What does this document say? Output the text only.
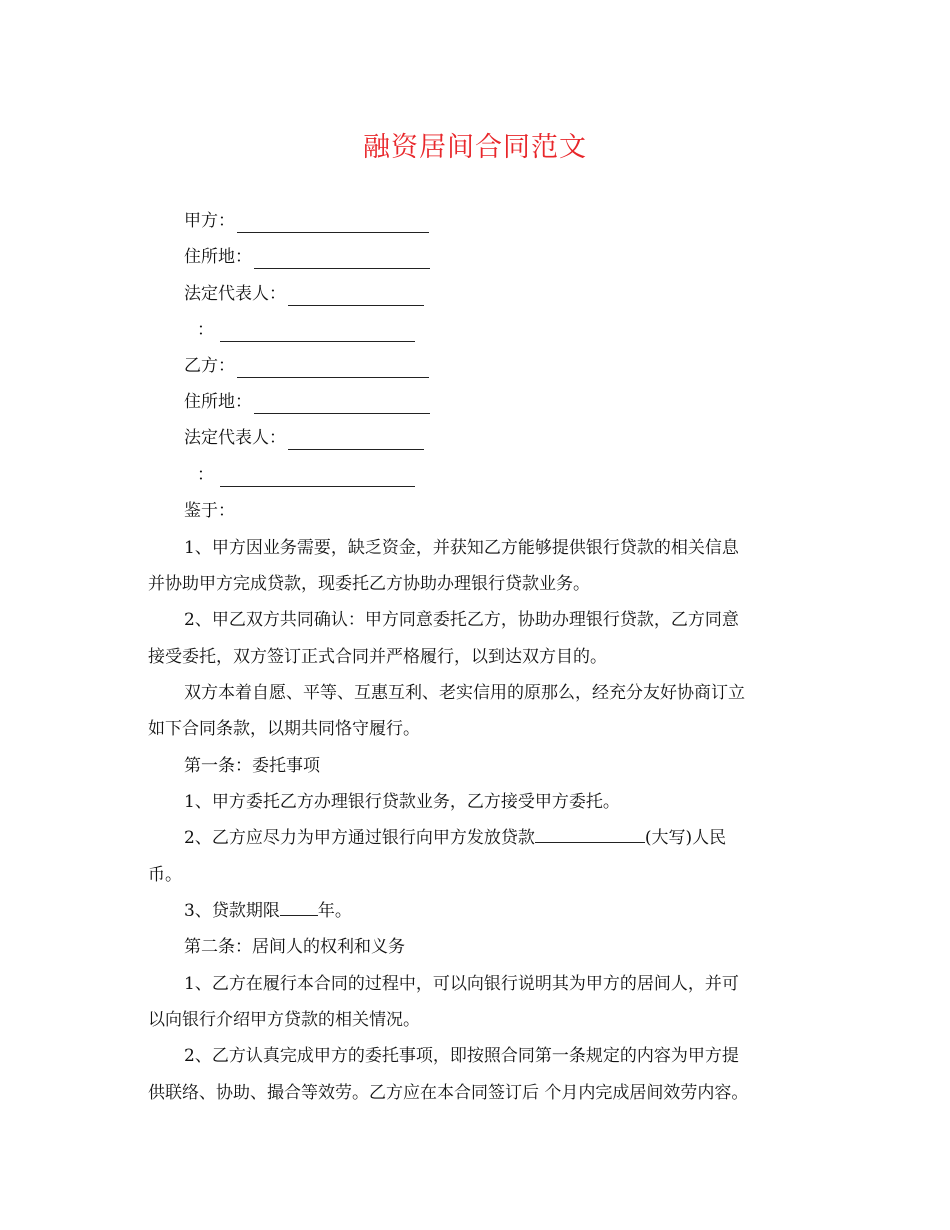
融资居间合同范文
甲方：
住所地：
法定代表人：
：
乙方：
住所地：
法定代表人：
：
鉴于：
1、甲方因业务需要，缺乏资金，并获知乙方能够提供银行贷款的相关信息
并协助甲方完成贷款，现委托乙方协助办理银行贷款业务。
2、甲乙双方共同确认：甲方同意委托乙方，协助办理银行贷款，乙方同意
接受委托，双方签订正式合同并严格履行，以到达双方目的。
双方本着自愿、平等、互惠互利、老实信用的原那么，经充分友好协商订立
如下合同条款，以期共同恪守履行。
第一条：委托事项
1、甲方委托乙方办理银行贷款业务，乙方接受甲方委托。
2、乙方应尽力为甲方通过银行向甲方发放贷款	(大写)人民
币。
3、贷款期限 年。
第二条：居间人的权利和义务
1、乙方在履行本合同的过程中，可以向银行说明其为甲方的居间人，并可
以向银行介绍甲方贷款的相关情况。
2、乙方认真完成甲方的委托事项，即按照合同第一条规定的内容为甲方提
供联络、协助、撮合等效劳。乙方应在本合同签订后 个月内完成居间效劳内容。
